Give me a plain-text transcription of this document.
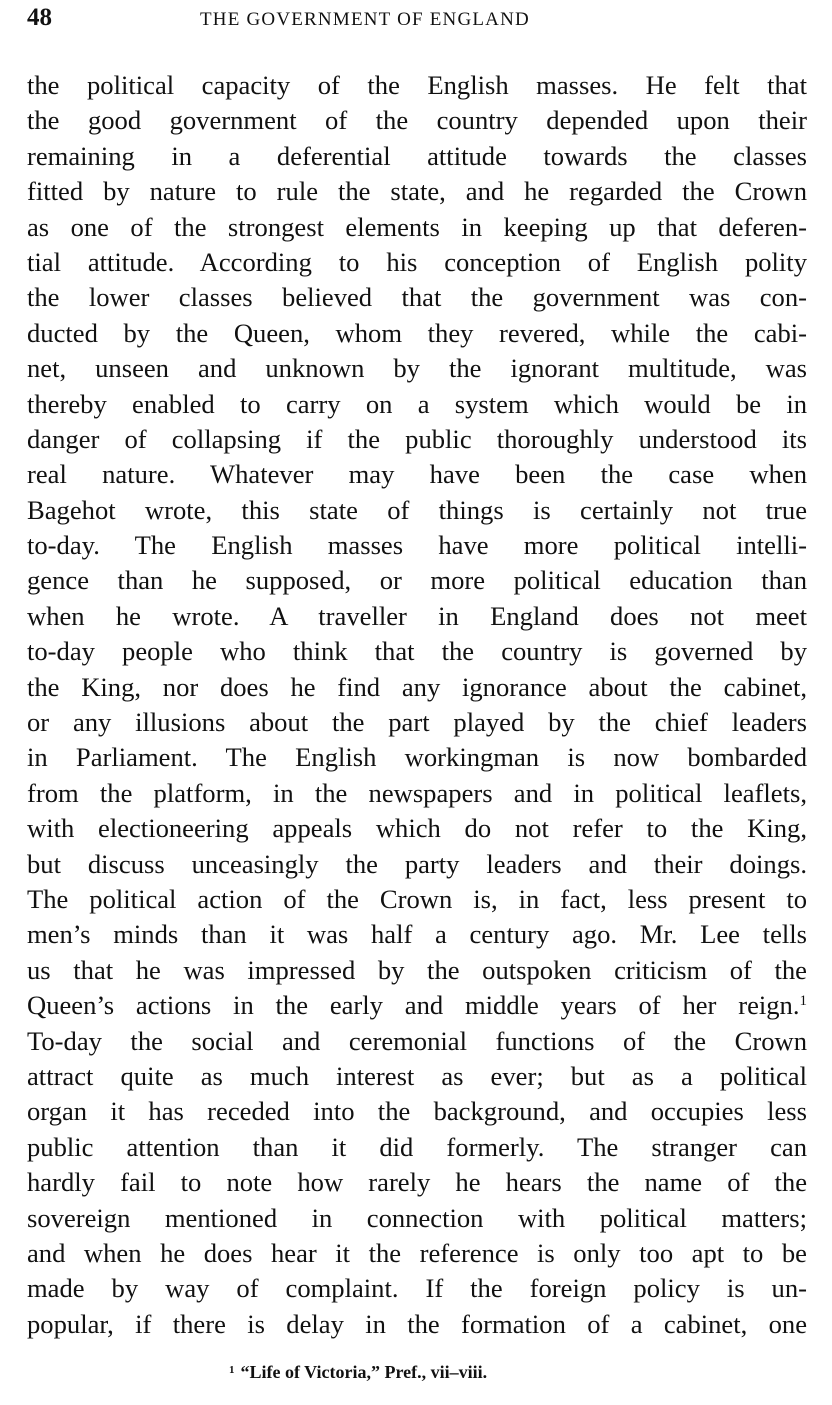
48	THE GOVERNMENT OF ENGLAND
the political capacity of the English masses. He felt that
the good government of the country depended upon their
remaining in a deferential attitude towards the classes
fitted by nature to rule the state, and he regarded the Crown
as one of the strongest elements in keeping up that deferen-
tial attitude. According to his conception of English polity
the lower classes believed that the government was con-
ducted by the Queen, whom they revered, while the cabi-
net, unseen and unknown by the ignorant multitude, was
thereby enabled to carry on a system which would be in
danger of collapsing if the public thoroughly understood its
real nature. Whatever may have been the case when
Bagehot wrote, this state of things is certainly not true
to-day. The English masses have more political intelli-
gence than he supposed, or more political education than
when he wrote. A traveller in England does not meet
to-day people who think that the country is governed by
the King, nor does he find any ignorance about the cabinet,
or any illusions about the part played by the chief leaders
in Parliament. The English workingman is now bombarded
from the platform, in the newspapers and in political leaflets,
with electioneering appeals which do not refer to the King,
but discuss unceasingly the party leaders and their doings.
The political action of the Crown is, in fact, less present to
men’s minds than it was half a century ago. Mr. Lee tells
us that he was impressed by the outspoken criticism of the
Queen’s actions in the early and middle years of her reign.$^1$
To-day the social and ceremonial functions of the Crown
attract quite as much interest as ever; but as a political
organ it has receded into the background, and occupies less
public attention than it did formerly. The stranger can
hardly fail to note how rarely he hears the name of the
sovereign mentioned in connection with political matters;
and when he does hear it the reference is only too apt to be
made by way of complaint. If the foreign policy is un-
popular, if there is delay in the formation of a cabinet, one
$^1$ “Life of Victoria,” Pref., vii–viii.
